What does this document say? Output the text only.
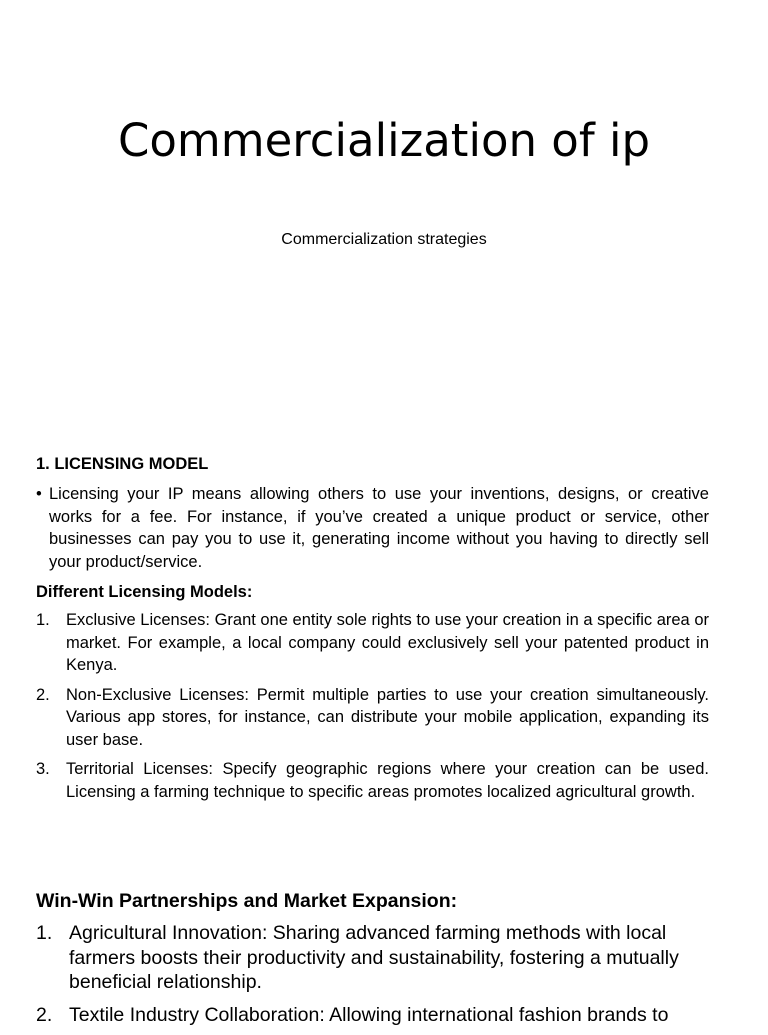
Commercialization of ip

Commercialization strategies

1. LICENSING MODEL
• Licensing your IP means allowing others to use your inventions, designs, or creative works for a fee. For instance, if you’ve created a unique product or service, other businesses can pay you to use it, generating income without you having to directly sell your product/service.
Different Licensing Models:
1. Exclusive Licenses: Grant one entity sole rights to use your creation in a specific area or market. For example, a local company could exclusively sell your patented product in Kenya.
2. Non-Exclusive Licenses: Permit multiple parties to use your creation simultaneously. Various app stores, for instance, can distribute your mobile application, expanding its user base.
3. Territorial Licenses: Specify geographic regions where your creation can be used. Licensing a farming technique to specific areas promotes localized agricultural growth.
Win-Win Partnerships and Market Expansion:
1. Agricultural Innovation: Sharing advanced farming methods with local farmers boosts their productivity and sustainability, fostering a mutually beneficial relationship.
2. Textile Industry Collaboration: Allowing international fashion brands to
